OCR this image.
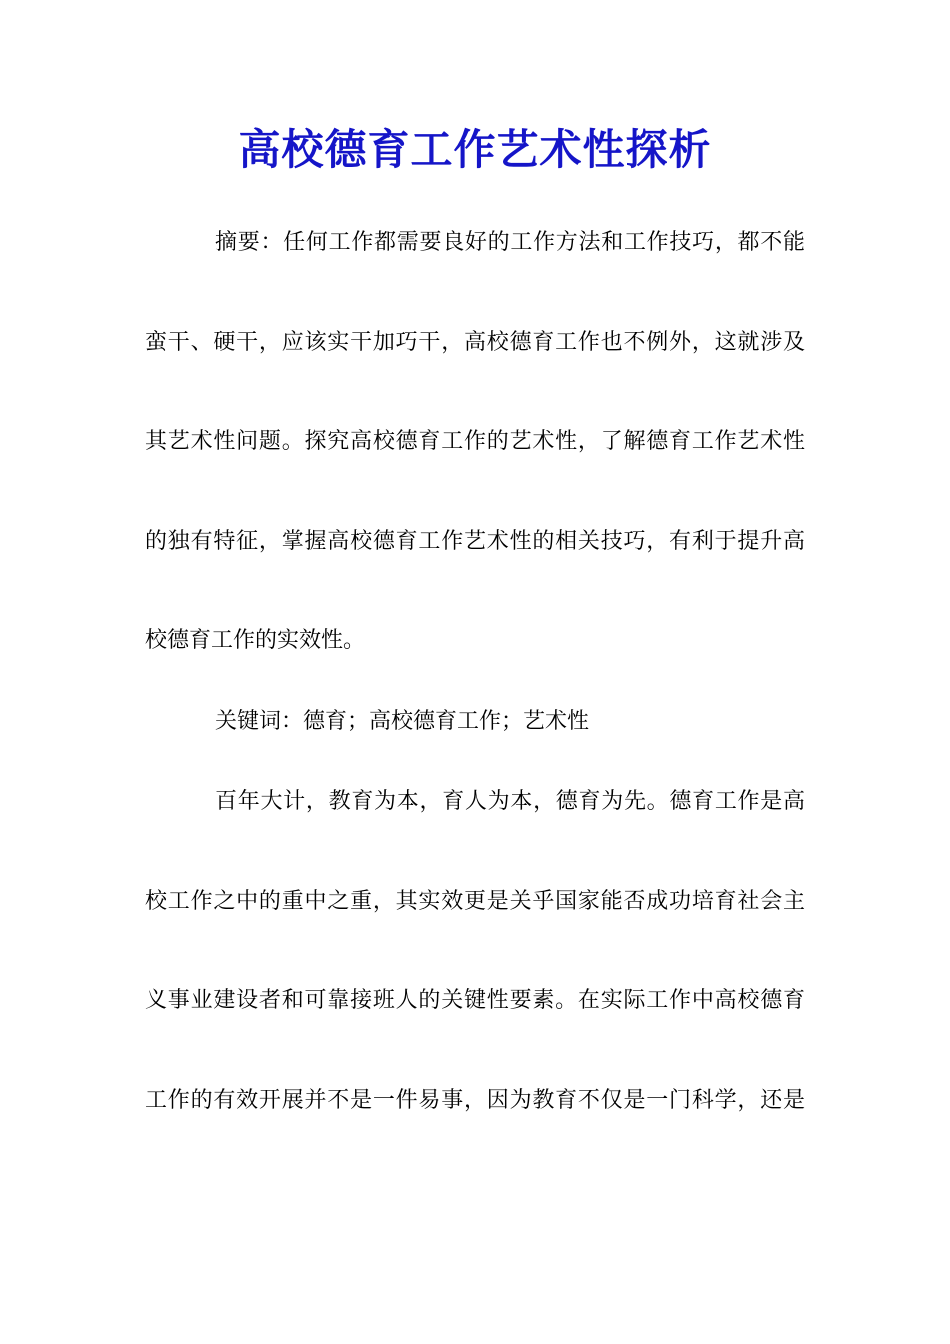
高校德育工作艺术性探析
摘要：任何工作都需要良好的工作方法和工作技巧，都不能
蛮干、硬干，应该实干加巧干，高校德育工作也不例外，这就涉及
其艺术性问题。探究高校德育工作的艺术性，了解德育工作艺术性
的独有特征，掌握高校德育工作艺术性的相关技巧，有利于提升高
校德育工作的实效性。
关键词：德育；高校德育工作；艺术性
百年大计，教育为本，育人为本，德育为先。德育工作是高
校工作之中的重中之重，其实效更是关乎国家能否成功培育社会主
义事业建设者和可靠接班人的关键性要素。在实际工作中高校德育
工作的有效开展并不是一件易事，因为教育不仅是一门科学，还是
